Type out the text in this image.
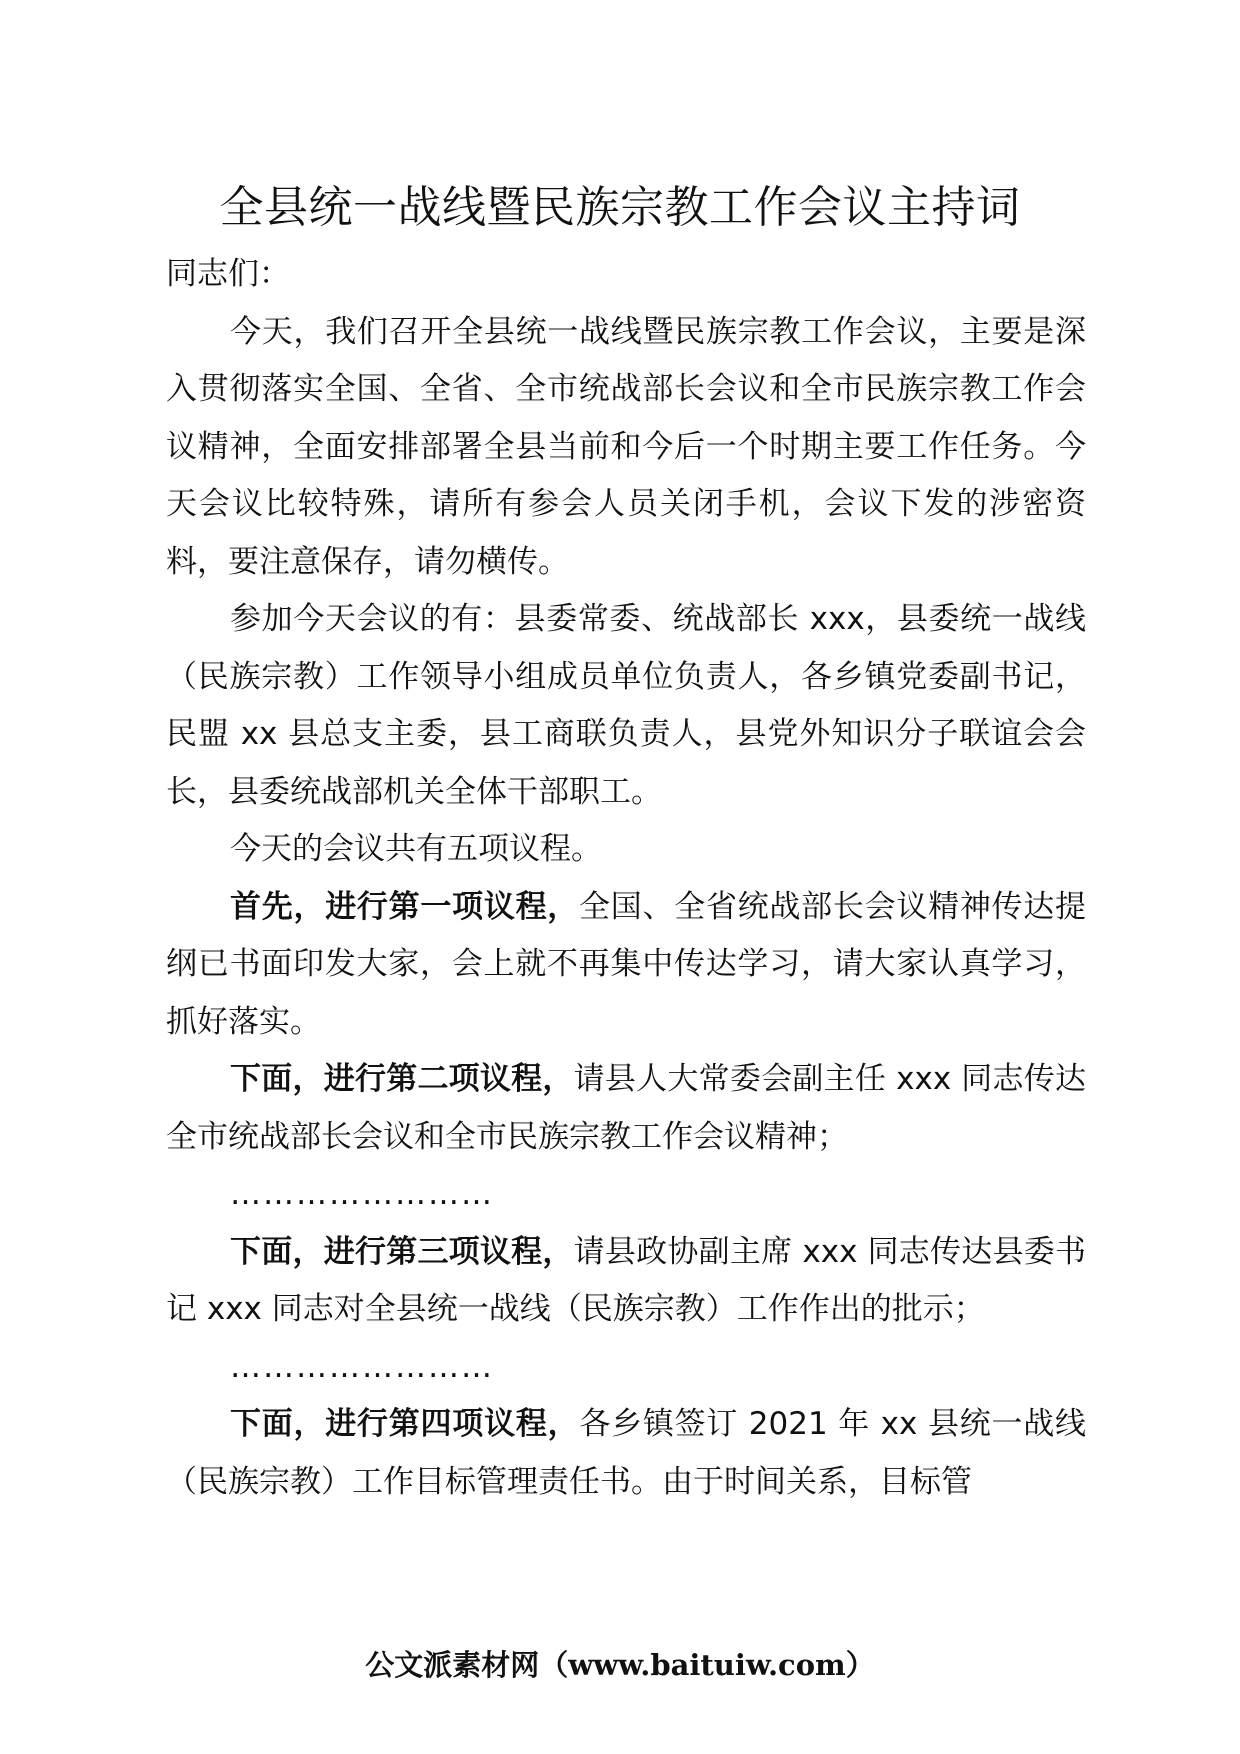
全县统一战线暨民族宗教工作会议主持词

同志们：

今天，我们召开全县统一战线暨民族宗教工作会议，主要是深入贯彻落实全国、全省、全市统战部长会议和全市民族宗教工作会议精神，全面安排部署全县当前和今后一个时期主要工作任务。今天会议比较特殊，请所有参会人员关闭手机，会议下发的涉密资料，要注意保存，请勿横传。

参加今天会议的有：县委常委、统战部长 xxx，县委统一战线（民族宗教）工作领导小组成员单位负责人，各乡镇党委副书记，民盟 xx 县总支主委，县工商联负责人，县党外知识分子联谊会会长，县委统战部机关全体干部职工。

今天的会议共有五项议程。

首先，进行第一项议程，全国、全省统战部长会议精神传达提纲已书面印发大家，会上就不再集中传达学习，请大家认真学习，抓好落实。

下面，进行第二项议程，请县人大常委会副主任 xxx 同志传达全市统战部长会议和全市民族宗教工作会议精神；

……………………

下面，进行第三项议程，请县政协副主席 xxx 同志传达县委书记 xxx 同志对全县统一战线（民族宗教）工作作出的批示；

……………………

下面，进行第四项议程，各乡镇签订 2021 年 xx 县统一战线（民族宗教）工作目标管理责任书。由于时间关系，目标管

公文派素材网（www.baituiw.com）
